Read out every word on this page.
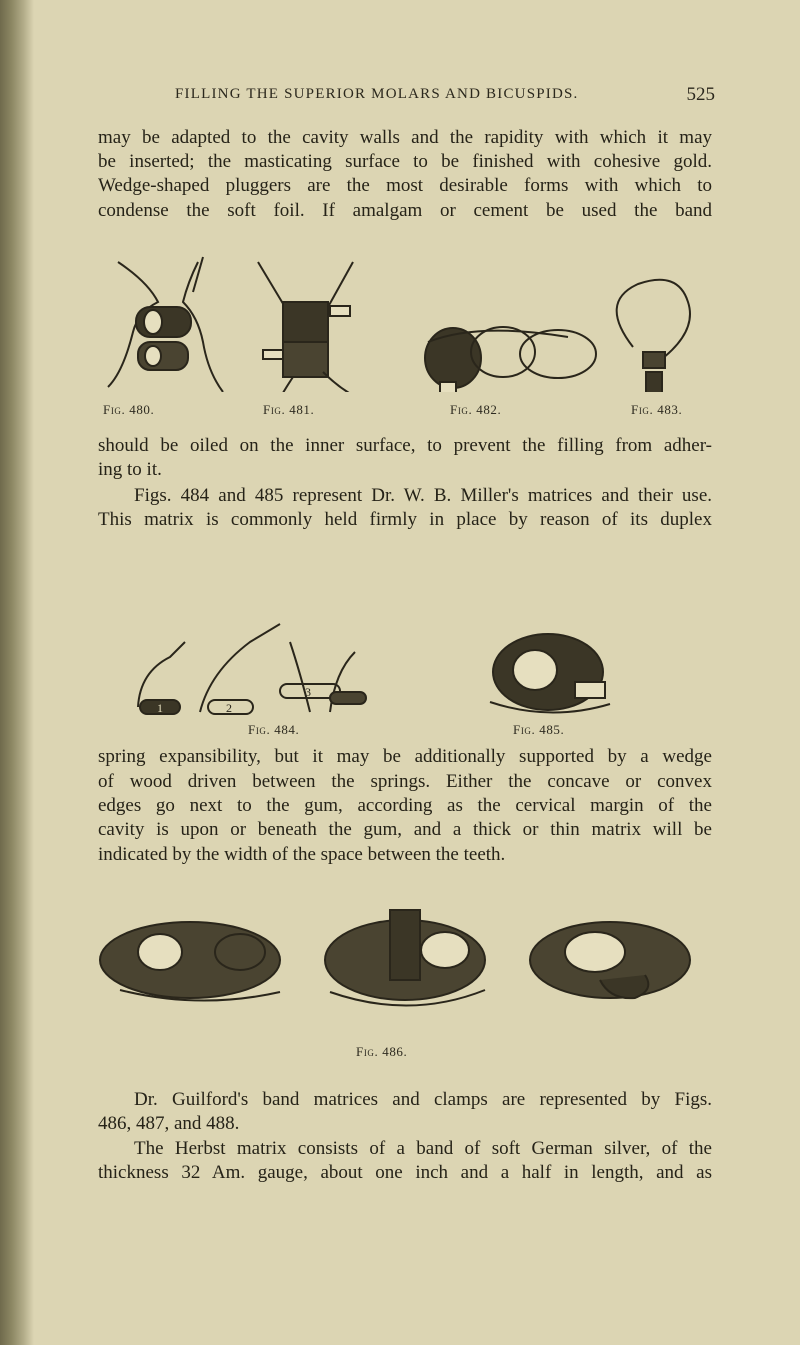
FILLING THE SUPERIOR MOLARS AND BICUSPIDS.	525

may be adapted to the cavity walls and the rapidity with which it may

be inserted; the masticating surface to be finished with cohesive gold.

Wedge-shaped pluggers are the most desirable forms with which to

condense the soft foil. If amalgam or cement be used the band

Fig. 480.	Fig. 481.	Fig. 482.	Fig. 483.

should be oiled on the inner surface, to prevent the filling from adher-

ing to it.

Figs. 484 and 485 represent Dr. W. B. Miller's matrices and their use.

This matrix is commonly held firmly in place by reason of its duplex

1	2
3
Fig. 484.	Fig. 485.

spring expansibility, but it may be additionally supported by a wedge

of wood driven between the springs. Either the concave or convex

edges go next to the gum, according as the cervical margin of the

cavity is upon or beneath the gum, and a thick or thin matrix will be

indicated by the width of the space between the teeth.

Fig. 486.

Dr. Guilford's band matrices and clamps are represented by Figs.

486, 487, and 488.

The Herbst matrix consists of a band of soft German silver, of the

thickness 32 Am. gauge, about one inch and a half in length, and as
